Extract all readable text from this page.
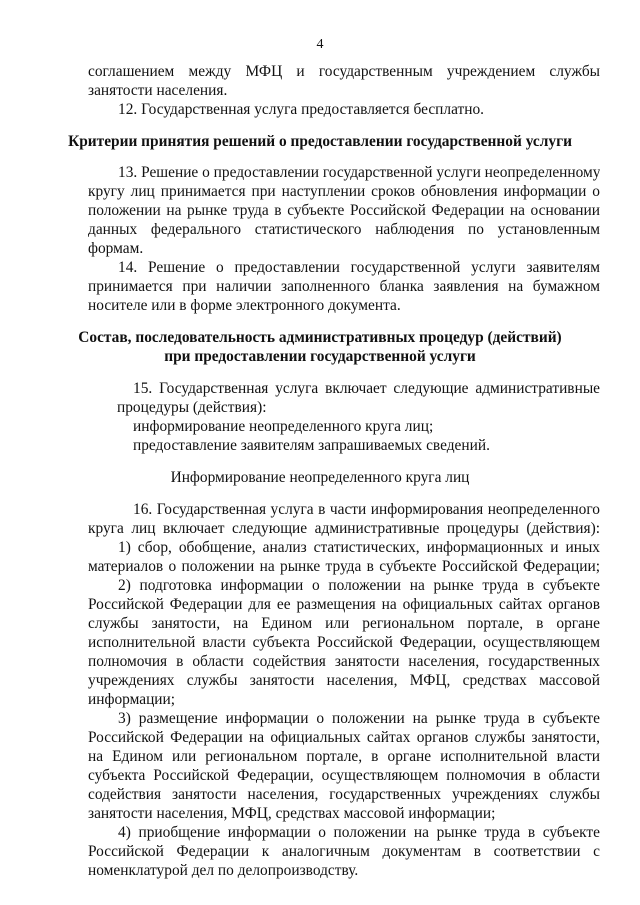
4
соглашением между МФЦ и государственным учреждением службы
занятости населения.
12. Государственная услуга предоставляется бесплатно.
Критерии принятия решений о предоставлении государственной услуги
13. Решение о предоставлении государственной услуги неопределенному
кругу лиц принимается при наступлении сроков обновления информации о
положении на рынке труда в субъекте Российской Федерации на основании
данных федерального статистического наблюдения по установленным
формам.
14. Решение о предоставлении государственной услуги заявителям
принимается при наличии заполненного бланка заявления на бумажном
носителе или в форме электронного документа.
Состав, последовательность административных процедур (действий)
при предоставлении государственной услуги
15. Государственная услуга включает следующие административные
процедуры (действия):
информирование неопределенного круга лиц;
предоставление заявителям запрашиваемых сведений.
Информирование неопределенного круга лиц
16. Государственная услуга в части информирования неопределенного
круга лиц включает следующие административные процедуры (действия):
1) сбор, обобщение, анализ статистических, информационных и иных
материалов о положении на рынке труда в субъекте Российской Федерации;
2) подготовка информации о положении на рынке труда в субъекте
Российской Федерации для ее размещения на официальных сайтах органов
службы занятости, на Едином или региональном портале, в органе
исполнительной власти субъекта Российской Федерации, осуществляющем
полномочия в области содействия занятости населения, государственных
учреждениях службы занятости населения, МФЦ, средствах массовой
информации;
3) размещение информации о положении на рынке труда в субъекте
Российской Федерации на официальных сайтах органов службы занятости,
на Едином или региональном портале, в органе исполнительной власти
субъекта Российской Федерации, осуществляющем полномочия в области
содействия занятости населения, государственных учреждениях службы
занятости населения, МФЦ, средствах массовой информации;
4) приобщение информации о положении на рынке труда в субъекте
Российской Федерации к аналогичным документам в соответствии с
номенклатурой дел по делопроизводству.
